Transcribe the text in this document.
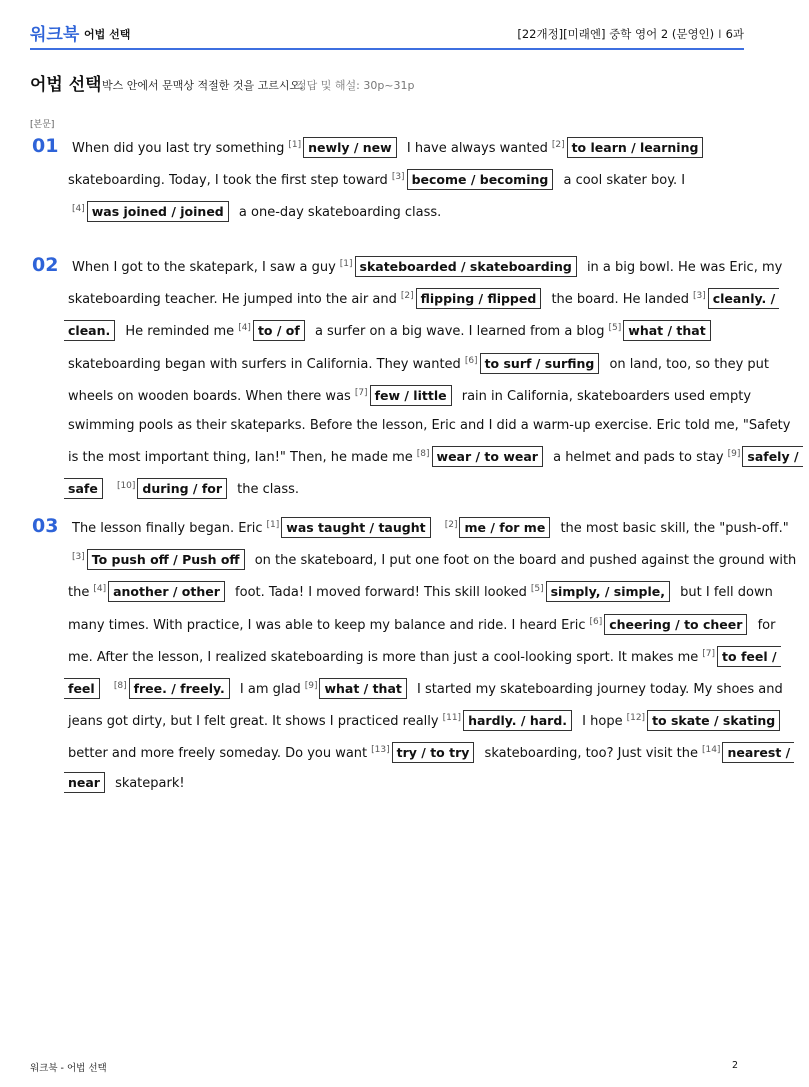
워크북 어법 선택	[22개정][미래엔] 중학 영어 2 (문영인) I 6과
어법 선택 박스 안에서 문맥상 적절한 것을 고르시오.
정답 및 해설: 30p~31p
[본문]
01	When did you last try something [1] newly / new I have always wanted [2] to learn / learning
skateboarding. Today, I took the first step toward [3] become / becoming a cool skater boy. I
[4] was joined / joined a one-day skateboarding class.
02	When I got to the skatepark, I saw a guy [1] skateboarded / skateboarding in a big bowl. He was Eric, my
skateboarding teacher. He jumped into the air and [2] flipping / flipped the board. He landed [3] cleanly. /
clean. He reminded me [4] to / of a surfer on a big wave. I learned from a blog [5] what / that
skateboarding began with surfers in California. They wanted [6] to surf / surfing on land, too, so they put
wheels on wooden boards. When there was [7] few / little rain in California, skateboarders used empty
swimming pools as their skateparks. Before the lesson, Eric and I did a warm-up exercise. Eric told me, "Safety
is the most important thing, Ian!" Then, he made me [8] wear / to wear a helmet and pads to stay [9] safely /
safe [10] during / for the class.
03	The lesson finally began. Eric [1] was taught / taught [2] me / for me the most basic skill, the "push-off."
[3] To push off / Push off on the skateboard, I put one foot on the board and pushed against the ground with
the [4] another / other foot. Tada! I moved forward! This skill looked [5] simply, / simple, but I fell down
many times. With practice, I was able to keep my balance and ride. I heard Eric [6] cheering / to cheer for
me. After the lesson, I realized skateboarding is more than just a cool-looking sport. It makes me [7] to feel /
feel [8] free. / freely. I am glad [9] what / that I started my skateboarding journey today. My shoes and
jeans got dirty, but I felt great. It shows I practiced really [11] hardly. / hard. I hope [12] to skate / skating
better and more freely someday. Do you want [13] try / to try skateboarding, too? Just visit the [14] nearest /
near skatepark!
워크북 - 어법 선택	2
